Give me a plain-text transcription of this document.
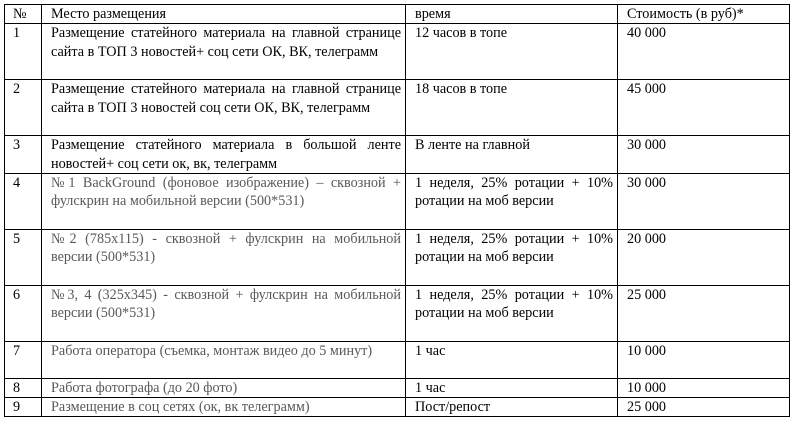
№	Место размещения	время	Стоимость (в руб)*
1	Размещение статейного материала на главной странице сайта в ТОП 3 новостей+ соц сети ОК, ВК, телеграмм	12 часов в топе	40 000
2	Размещение статейного материала на главной странице сайта в ТОП 3 новостей соц сети ОК, ВК, телеграмм	18 часов в топе	45 000
3	Размещение статейного материала в большой ленте новостей+ соц сети ок, вк, телеграмм	В ленте на главной	30 000
4	№1 BackGround (фоновое изображение) – сквозной + фулскрин на мобильной версии (500*531)	1 неделя, 25% ротации + 10% ротации на моб версии	30 000
5	№2 (785x115) - сквозной + фулскрин на мобильной версии (500*531)	1 неделя, 25% ротации + 10% ротации на моб версии	20 000
6	№3, 4 (325x345) - сквозной + фулскрин на мобильной версии (500*531)	1 неделя, 25% ротации + 10% ротации на моб версии	25 000
7	Работа оператора (съемка, монтаж видео до 5 минут)	1 час	10 000
8	Работа фотографа (до 20 фото)	1 час	10 000
9	Размещение в соц сетях (ок, вк телеграмм)	Пост/репост	25 000
